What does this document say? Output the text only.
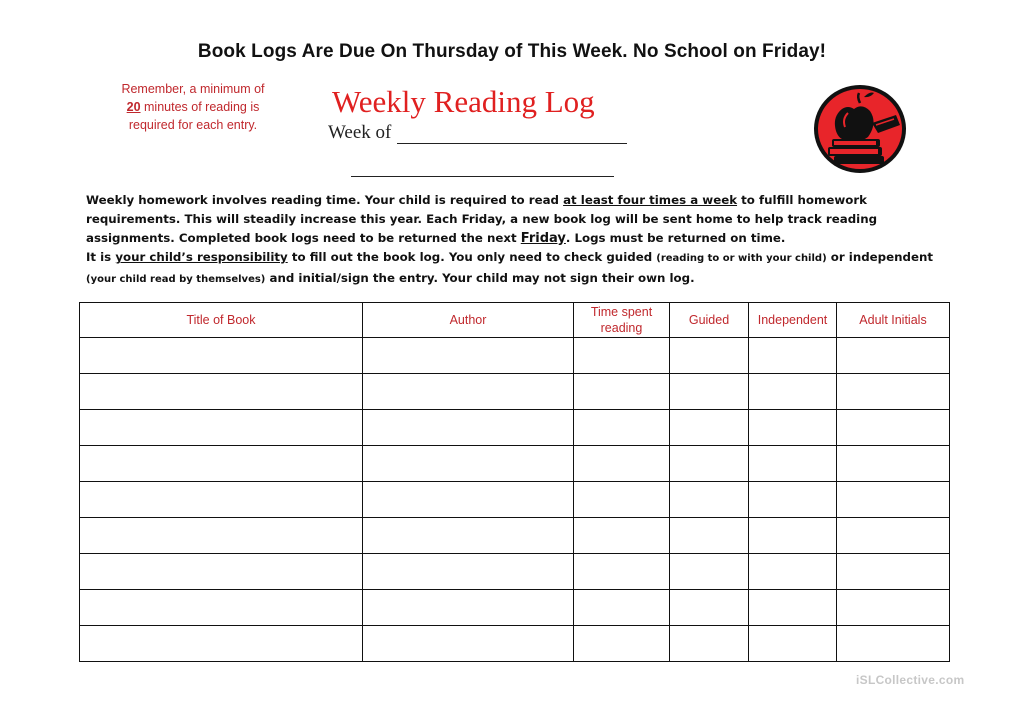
Book Logs Are Due On Thursday of This Week. No School on Friday!
Remember, a minimum of
20 minutes of reading is
required for each entry.
Weekly Reading Log
Week of
Weekly homework involves reading time. Your child is required to read at least four times a week to fulfill homework requirements. This will steadily increase this year. Each Friday, a new book log will be sent home to help track reading assignments. Completed book logs need to be returned the next Friday. Logs must be returned on time.
It is your child’s responsibility to fill out the book log. You only need to check guided (reading to or with your child) or independent (your child read by themselves) and initial/sign the entry. Your child may not sign their own log.
Title of Book	Author	Time spent reading	Guided	Independent	Adult Initials

iSLCollective.com
